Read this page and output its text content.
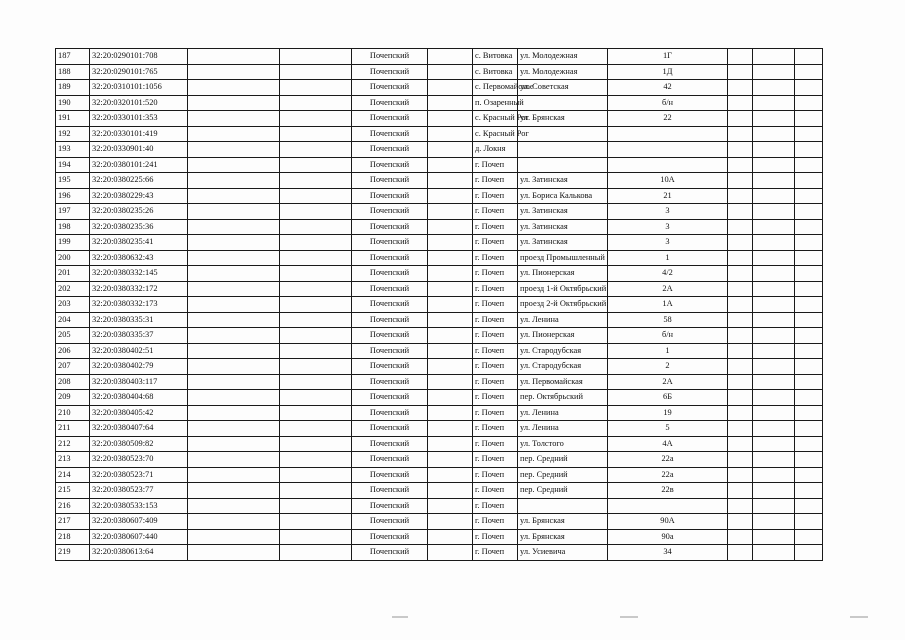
187	32:20:0290101:708			Почепский		с. Витовка	ул. Молодежная	1Г			
188	32:20:0290101:765			Почепский		с. Витовка	ул. Молодежная	1Д			
189	32:20:0310101:1056			Почепский		с. Первомайское	ул. Советская	42			
190	32:20:0320101:520			Почепский		п. Озаренный		б/н			
191	32:20:0330101:353			Почепский		с. Красный Рог	ул. Брянская	22			
192	32:20:0330101:419			Почепский		с. Красный Рог					
193	32:20:0330901:40			Почепский		д. Локня					
194	32:20:0380101:241			Почепский		г. Почеп					
195	32:20:0380225:66			Почепский		г. Почеп	ул. Затинская	10А			
196	32:20:0380229:43			Почепский		г. Почеп	ул. Бориса Калькова	21			
197	32:20:0380235:26			Почепский		г. Почеп	ул. Затинская	3			
198	32:20:0380235:36			Почепский		г. Почеп	ул. Затинская	3			
199	32:20:0380235:41			Почепский		г. Почеп	ул. Затинская	3			
200	32:20:0380632:43			Почепский		г. Почеп	проезд Промышленный	1			
201	32:20:0380332:145			Почепский		г. Почеп	ул. Пионерская	4/2			
202	32:20:0380332:172			Почепский		г. Почеп	проезд 1-й Октябрьский	2А			
203	32:20:0380332:173			Почепский		г. Почеп	проезд 2-й Октябрьский	1А			
204	32:20:0380335:31			Почепский		г. Почеп	ул. Ленина	58			
205	32:20:0380335:37			Почепский		г. Почеп	ул. Пионерская	б/н			
206	32:20:0380402:51			Почепский		г. Почеп	ул. Стародубская	1			
207	32:20:0380402:79			Почепский		г. Почеп	ул. Стародубская	2			
208	32:20:0380403:117			Почепский		г. Почеп	ул. Первомайская	2А			
209	32:20:0380404:68			Почепский		г. Почеп	пер. Октябрьский	6Б			
210	32:20:0380405:42			Почепский		г. Почеп	ул. Ленина	19			
211	32:20:0380407:64			Почепский		г. Почеп	ул. Ленина	5			
212	32:20:0380509:82			Почепский		г. Почеп	ул. Толстого	4А			
213	32:20:0380523:70			Почепский		г. Почеп	пер. Средний	22а			
214	32:20:0380523:71			Почепский		г. Почеп	пер. Средний	22а			
215	32:20:0380523:77			Почепский		г. Почеп	пер. Средний	22в			
216	32:20:0380533:153			Почепский		г. Почеп					
217	32:20:0380607:409			Почепский		г. Почеп	ул. Брянская	90А			
218	32:20:0380607:440			Почепский		г. Почеп	ул. Брянская	90а			
219	32:20:0380613:64			Почепский		г. Почеп	ул. Усиевича	34			
